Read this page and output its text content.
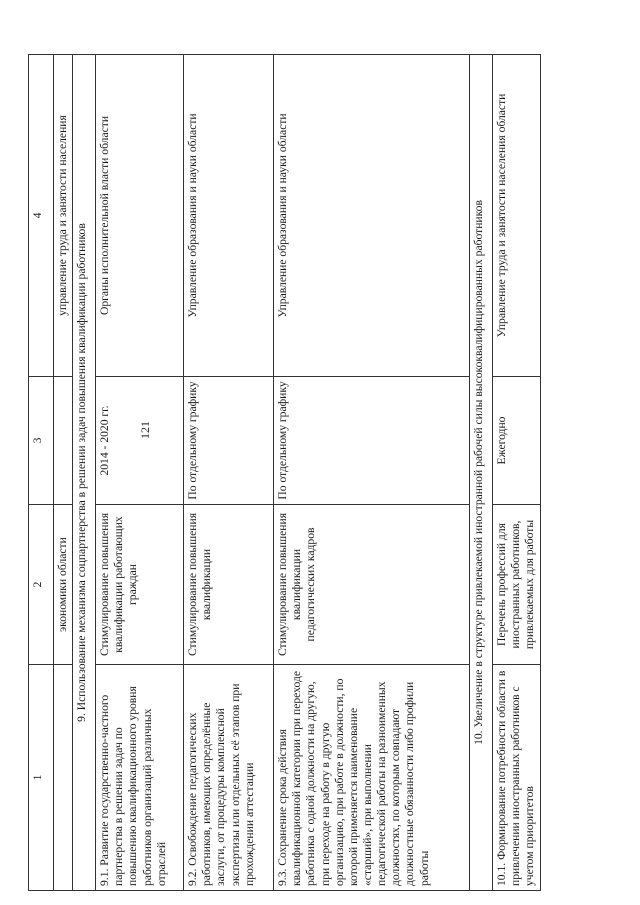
121
1	2	3	4
	экономики области		управление труда и занятости населения
9. Использование механизма соцпартнерства в решении задач повышения квалификации работников			
9.1. Развитие государственно-частного партнерства в решении задач по повышению квалификационного уровня работников организаций различных отраслей	Стимулирование повышения квалификации работающих граждан	2014 - 2020 гг.	Органы исполнительной власти области
9.2. Освобождение педагогических работников, имеющих определённые заслуги, от процедуры комплексной экспертизы или отдельных её этапов при прохождении аттестации	Стимулирование повышения квалификации	По отдельному графику	Управление образования и науки области
9.3. Сохранение срока действия квалификационной категории при переходе работника с одной должности на другую, при переходе на работу в другую организацию, при работе в должности, по которой применяется наименование «старший», при выполнении педагогической работы на разноименных должностях, по которым совпадают должностные обязанности либо профили работы	Стимулирование повышения квалификации педагогических кадров	По отдельному графику	Управление образования и науки области
10. Увеличение в структуре привлекаемой иностранной рабочей силы высококвалифицированных работников			
10.1. Формирование потребности области в привлечении иностранных работников с учетом приоритетов	Перечень профессий для иностранных работников, привлекаемых для работы	Ежегодно	Управление труда и занятости населения области
